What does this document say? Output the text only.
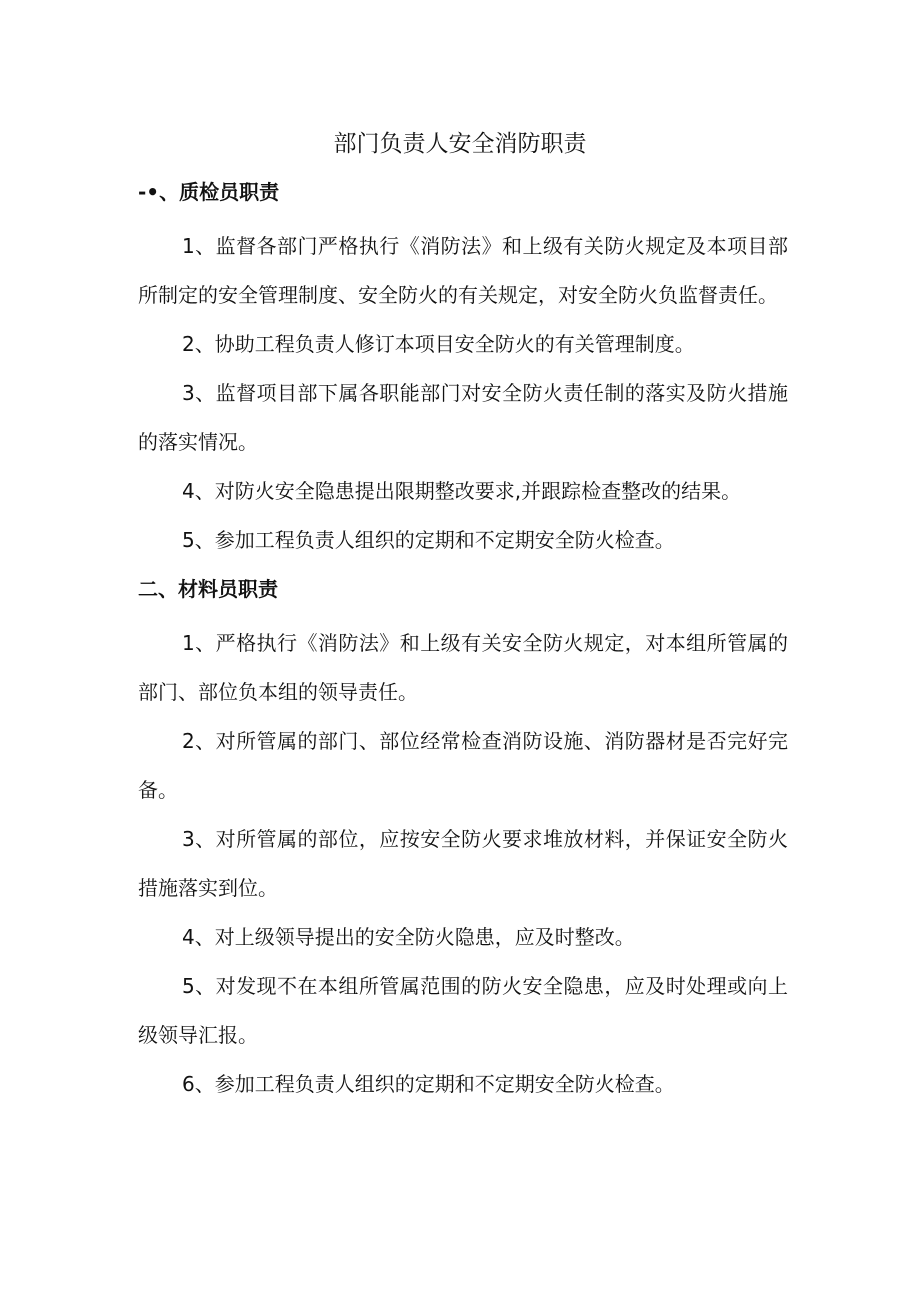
部门负责人安全消防职责
-•、质检员职责

1、监督各部门严格执行《消防法》和上级有关防火规定及本项目部所制定的安全管理制度、安全防火的有关规定，对安全防火负监督责任。

2、协助工程负责人修订本项目安全防火的有关管理制度。

3、监督项目部下属各职能部门对安全防火责任制的落实及防火措施的落实情况。

4、对防火安全隐患提出限期整改要求,并跟踪检查整改的结果。

5、参加工程负责人组织的定期和不定期安全防火检查。

二、材料员职责

1、严格执行《消防法》和上级有关安全防火规定，对本组所管属的部门、部位负本组的领导责任。

2、对所管属的部门、部位经常检查消防设施、消防器材是否完好完备。

3、对所管属的部位，应按安全防火要求堆放材料，并保证安全防火措施落实到位。

4、对上级领导提出的安全防火隐患，应及时整改。

5、对发现不在本组所管属范围的防火安全隐患，应及时处理或向上级领导汇报。

6、参加工程负责人组织的定期和不定期安全防火检查。
